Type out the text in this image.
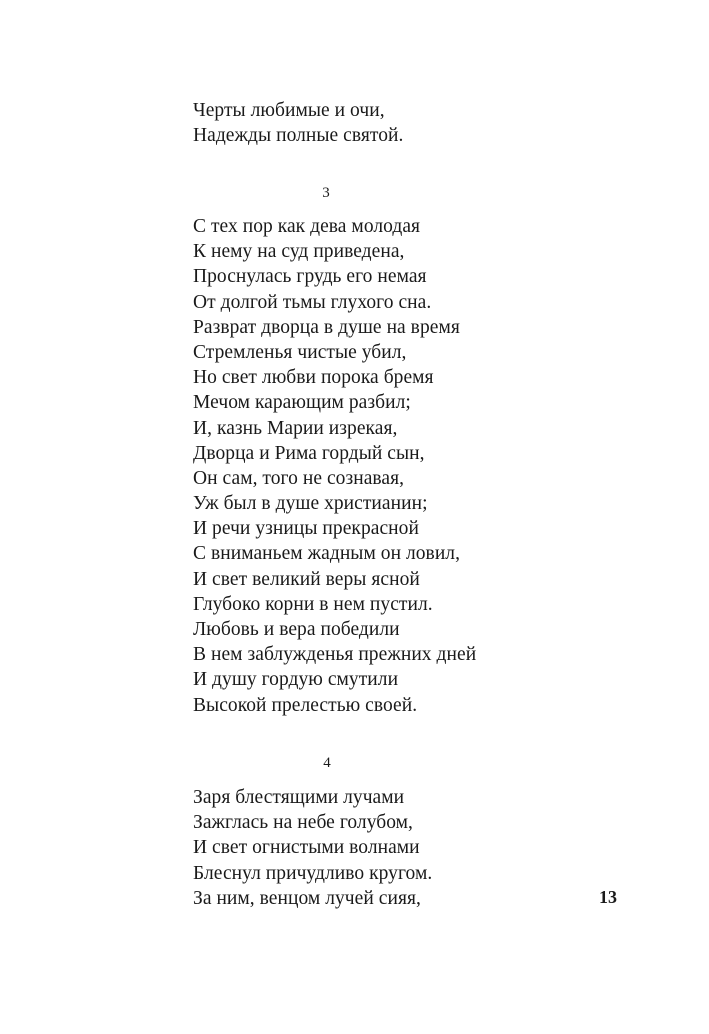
Черты любимые и очи,
Надежды полные святой.
3
С тех пор как дева молодая
К нему на суд приведена,
Проснулась грудь его немая
От долгой тьмы глухого сна.
Разврат дворца в душе на время
Стремленья чистые убил,
Но свет любви порока бремя
Мечом карающим разбил;
И, казнь Марии изрекая,
Дворца и Рима гордый сын,
Он сам, того не сознавая,
Уж был в душе христианин;
И речи узницы прекрасной
С вниманьем жадным он ловил,
И свет великий веры ясной
Глубоко корни в нем пустил.
Любовь и вера победили
В нем заблужденья прежних дней
И душу гордую смутили
Высокой прелестью своей.
4
Заря блестящими лучами
Зажглась на небе голубом,
И свет огнистыми волнами
Блеснул причудливо кругом.
За ним, венцом лучей сияя,	13
